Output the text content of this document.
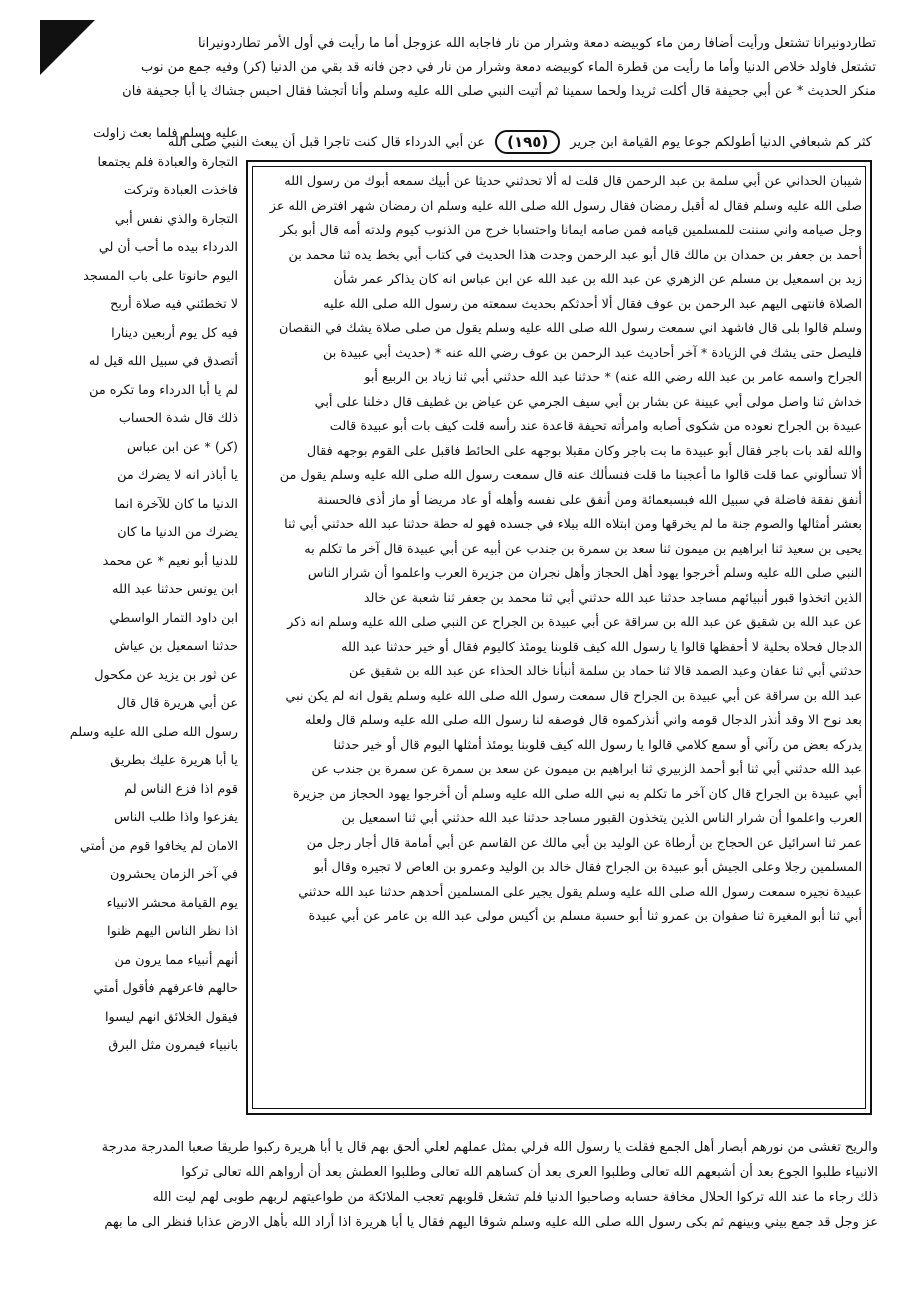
تطاردونيرانا تشتعل ورأيت أضافا رمن ماء كوبيضه دمعة وشرار من نار فاجابه الله عزوجل أما ما رأيت في أول الأمر تطاردونيرانا
تشتعل فاولد خلاص الدنيا وأما ما رأيت من قطرة الماء كوبيضه دمعة وشرار من نار في دجن فانه قد بقي من الدنيا (كر) وفيه جمع من نوب
منكر الحديث * عن أبي جحيفة قال أكلت ثريدا ولحما سمينا ثم أتيت النبي صلى الله عليه وسلم وأنا أتجشا فقال احبس جشاك يا أبا جحيفة فان
كثر كم شبعافي الدنيا أطولكم جوعا يوم القيامة ابن جرير
(١٩٥)
عن أبي الدرداء قال كنت تاجرا قبل أن يبعث النبي صلى الله
شيبان الحداني عن أبي سلمة بن عبد الرحمن قال قلت له ألا تحدثني حديثا عن أبيك سمعه أبوك من رسول الله
صلى الله عليه وسلم فقال له أقبل رمضان فقال رسول الله صلى الله عليه وسلم ان رمضان شهر افترض الله عز
وجل صيامه واني سننت للمسلمين قيامه فمن صامه ايمانا واحتسابا خرج من الذنوب كيوم ولدته أمه قال أبو بكر
أحمد بن جعفر بن حمدان بن مالك قال أبو عبد الرحمن وجدت هذا الحديث في كتاب أبي بخط يده ثنا محمد بن
زيد بن اسمعيل بن مسلم عن الزهري عن عبد الله بن عبد الله عن ابن عباس انه كان يذاكر عمر شأن
الصلاة فانتهى اليهم عبد الرحمن بن عوف فقال ألا أحدثكم بحديث سمعته من رسول الله صلى الله عليه
وسلم قالوا بلى قال فاشهد اني سمعت رسول الله صلى الله عليه وسلم يقول من صلى صلاة يشك في النقصان
فليصل حتى يشك في الزيادة * آخر أحاديث عبد الرحمن بن عوف رضي الله عنه * (حديث أبي عبيدة بن
الجراح واسمه عامر بن عبد الله رضي الله عنه) * حدثنا عبد الله حدثني أبي ثنا زياد بن الربيع أبو
خداش ثنا واصل مولى أبي عيينة عن بشار بن أبي سيف الجرمي عن عياض بن غطيف قال دخلنا على أبي
عبيدة بن الجراح نعوده من شكوى أصابه وامرأته تحيفة قاعدة عند رأسه قلت كيف بات أبو عبيدة قالت
والله لقد بات باجر فقال أبو عبيدة ما بت باجر وكان مقبلا بوجهه على الحائط فاقبل على القوم بوجهه فقال
ألا تسألوني عما قلت قالوا ما أعجبنا ما قلت فنسألك عنه قال سمعت رسول الله صلى الله عليه وسلم يقول من
أنفق نفقة فاضلة في سبيل الله فبسبعمائة ومن أنفق على نفسه وأهله أو عاد مريضا أو ماز أذى فالحسنة
بعشر أمثالها والصوم جنة ما لم يخرقها ومن ابتلاه الله ببلاء في جسده فهو له حطة حدثنا عبد الله حدثني أبي ثنا
يحيى بن سعيد ثنا ابراهيم بن ميمون ثنا سعد بن سمرة بن جندب عن أبيه عن أبي عبيدة قال آخر ما تكلم به
النبي صلى الله عليه وسلم أخرجوا يهود أهل الحجاز وأهل نجران من جزيرة العرب واعلموا أن شرار الناس
الذين اتخذوا قبور أنبيائهم مساجد حدثنا عبد الله حدثني أبي ثنا محمد بن جعفر ثنا شعبة عن خالد
عن عبد الله بن شقيق عن عبد الله بن سراقة عن أبي عبيدة بن الجراح عن النبي صلى الله عليه وسلم انه ذكر
الدجال فحلاه بحلية لا أحفظها قالوا يا رسول الله كيف قلوبنا يومئذ كاليوم فقال أو خير حدثنا عبد الله
حدثني أبي ثنا عفان وعبد الصمد قالا ثنا حماد بن سلمة أنبأنا خالد الحذاء عن عبد الله بن شقيق عن
عبد الله بن سراقة عن أبي عبيدة بن الجراح قال سمعت رسول الله صلى الله عليه وسلم يقول انه لم يكن نبي
بعد نوح الا وقد أنذر الدجال قومه واني أنذركموه قال فوصفه لنا رسول الله صلى الله عليه وسلم قال ولعله
يدركه بعض من رآني أو سمع كلامي قالوا يا رسول الله كيف قلوبنا يومئذ أمثلها اليوم قال أو خير حدثنا
عبد الله حدثني أبي ثنا أبو أحمد الزبيري ثنا ابراهيم بن ميمون عن سعد بن سمرة عن سمرة بن جندب عن
أبي عبيدة بن الجراح قال كان آخر ما تكلم به نبي الله صلى الله عليه وسلم أن أخرجوا يهود الحجاز من جزيرة
العرب واعلموا أن شرار الناس الذين يتخذون القبور مساجد حدثنا عبد الله حدثني أبي ثنا اسمعيل بن
عمر ثنا اسرائيل عن الحجاج بن أرطاة عن الوليد بن أبي مالك عن القاسم عن أبي أمامة قال أجار رجل من
المسلمين رجلا وعلى الجيش أبو عبيدة بن الجراح فقال خالد بن الوليد وعمرو بن العاص لا تجيره وقال أبو
عبيدة نجيره سمعت رسول الله صلى الله عليه وسلم يقول يجير على المسلمين أحدهم حدثنا عبد الله حدثني
أبي ثنا أبو المغيرة ثنا صفوان بن عمرو ثنا أبو حسبة مسلم بن أكيس مولى عبد الله بن عامر عن أبي عبيدة
عليه وسلم فلما بعث زاولت
التجارة والعبادة فلم يجتمعا
فاخذت العبادة وتركت
التجارة والذي نفس أبي
الدرداء بيده ما أحب أن لي
اليوم حانوتا على باب المسجد
لا تخطئني فيه صلاة أربح
فيه كل يوم أربعين دينارا
أتصدق في سبيل الله قيل له
لم يا أبا الدرداء وما تكره من
ذلك قال شدة الحساب
(كر) * عن ابن عباس
يا أباذر انه لا يضرك من
الدنيا ما كان للآخرة انما
يضرك من الدنيا ما كان
للدنيا أبو نعيم * عن محمد
ابن يونس حدثنا عبد الله
ابن داود التمار الواسطي
حدثنا اسمعيل بن عياش
عن ثور بن يزيد عن مكحول
عن أبي هريرة قال قال
رسول الله صلى الله عليه وسلم
يا أبا هريرة عليك بطريق
قوم اذا فزع الناس لم
يفزعوا واذا طلب الناس
الامان لم يخافوا قوم من أمتي
في آخر الزمان يحشرون
يوم القيامة محشر الانبياء
اذا نظر الناس اليهم ظنوا
أنهم أنبياء مما يرون من
حالهم فاعرفهم فأقول أمتي
فيقول الخلائق انهم ليسوا
بانبياء فيمرون مثل البرق
والريح تغشى من نورهم أبصار أهل الجمع فقلت يا رسول الله فرلي بمثل عملهم لعلي ألحق بهم قال يا أبا هريرة ركبوا طريقا صعبا المدرجة مدرجة
الانبياء طلبوا الجوع بعد أن أشبعهم الله تعالى وطلبوا العرى بعد أن كساهم الله تعالى وطلبوا العطش بعد أن أرواهم الله تعالى تركوا
ذلك رجاء ما عند الله تركوا الحلال مخافة حسابه وصاحبوا الدنيا فلم تشغل قلوبهم تعجب الملائكة من طواعيتهم لربهم طوبى لهم ليت الله
عز وجل قد جمع بيني وبينهم ثم بكى رسول الله صلى الله عليه وسلم شوقا اليهم فقال يا أبا هريرة اذا أراد الله بأهل الارض عذابا فنظر الى ما بهم
